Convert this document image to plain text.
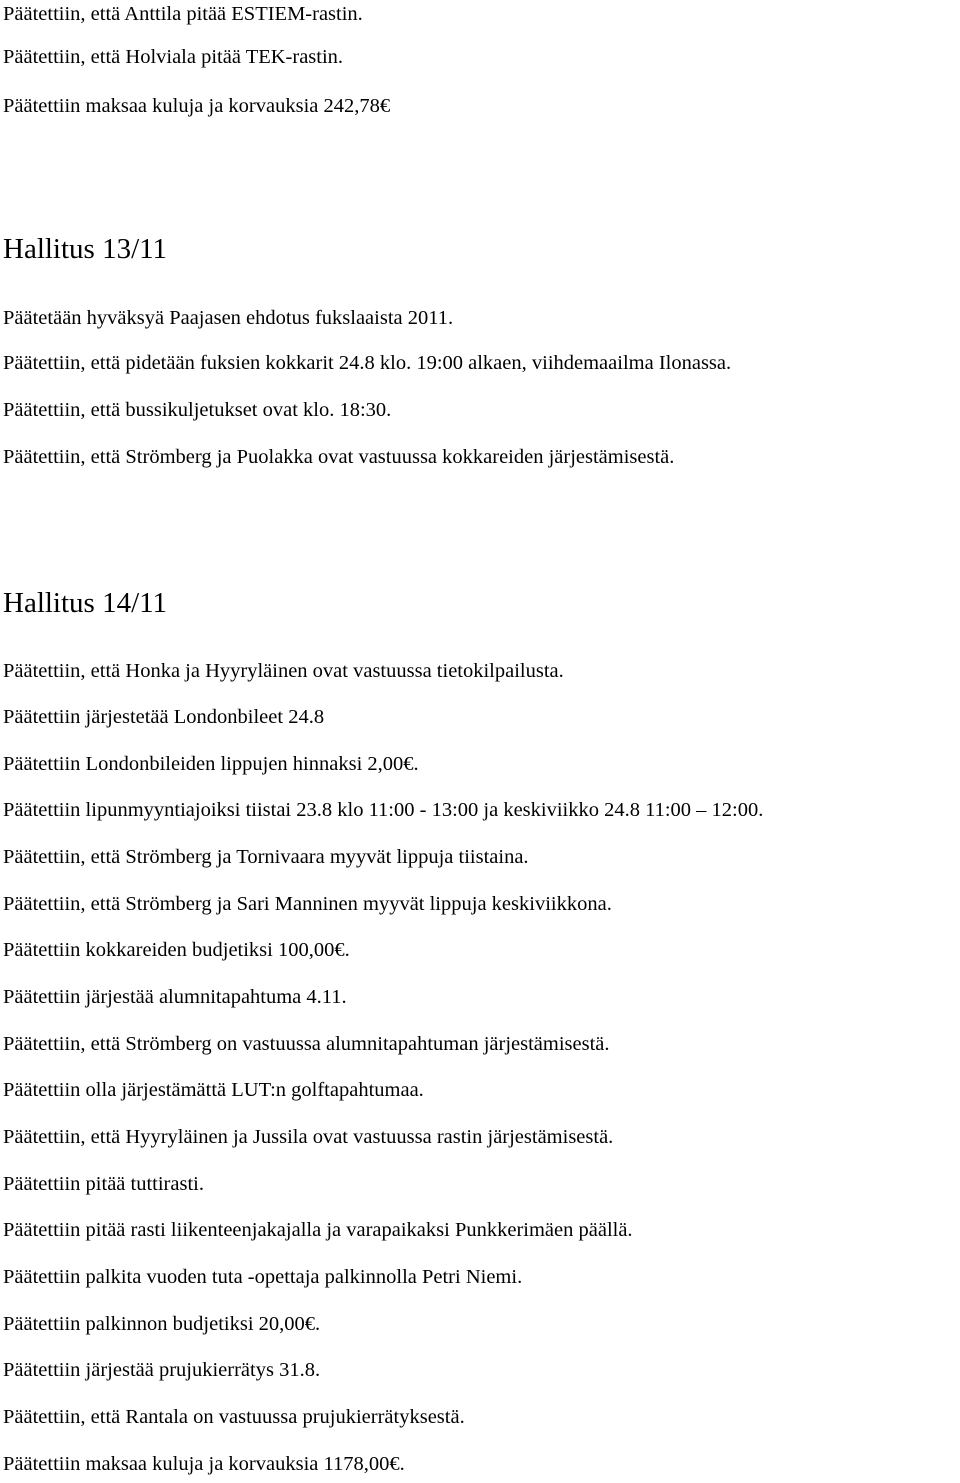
Päätettiin, että Anttila pitää ESTIEM-rastin.
Päätettiin, että Holviala pitää TEK-rastin.
Päätettiin maksaa kuluja ja korvauksia 242,78€
Hallitus 13/11
Päätetään hyväksyä Paajasen ehdotus fukslaaista 2011.
Päätettiin, että pidetään fuksien kokkarit 24.8 klo. 19:00 alkaen, viihdemaailma Ilonassa.
Päätettiin, että bussikuljetukset ovat klo. 18:30.
Päätettiin, että Strömberg ja Puolakka ovat vastuussa kokkareiden järjestämisestä.
Hallitus 14/11
Päätettiin, että Honka ja Hyyryläinen ovat vastuussa tietokilpailusta.
Päätettiin järjestetää Londonbileet 24.8
Päätettiin Londonbileiden lippujen hinnaksi 2,00€.
Päätettiin lipunmyyntiajoiksi tiistai 23.8 klo 11:00 - 13:00 ja keskiviikko 24.8 11:00 – 12:00.
Päätettiin, että Strömberg ja Tornivaara myyvät lippuja tiistaina.
Päätettiin, että Strömberg ja Sari Manninen myyvät lippuja keskiviikkona.
Päätettiin kokkareiden budjetiksi 100,00€.
Päätettiin järjestää alumnitapahtuma 4.11.
Päätettiin, että Strömberg on vastuussa alumnitapahtuman järjestämisestä.
Päätettiin olla järjestämättä LUT:n golftapahtumaa.
Päätettiin, että Hyyryläinen ja Jussila ovat vastuussa rastin järjestämisestä.
Päätettiin pitää tuttirasti.
Päätettiin pitää rasti liikenteenjakajalla ja varapaikaksi Punkkerimäen päällä.
Päätettiin palkita vuoden tuta -opettaja palkinnolla Petri Niemi.
Päätettiin palkinnon budjetiksi 20,00€.
Päätettiin järjestää prujukierrätys 31.8.
Päätettiin, että Rantala on vastuussa prujukierrätyksestä.
Päätettiin maksaa kuluja ja korvauksia 1178,00€.
